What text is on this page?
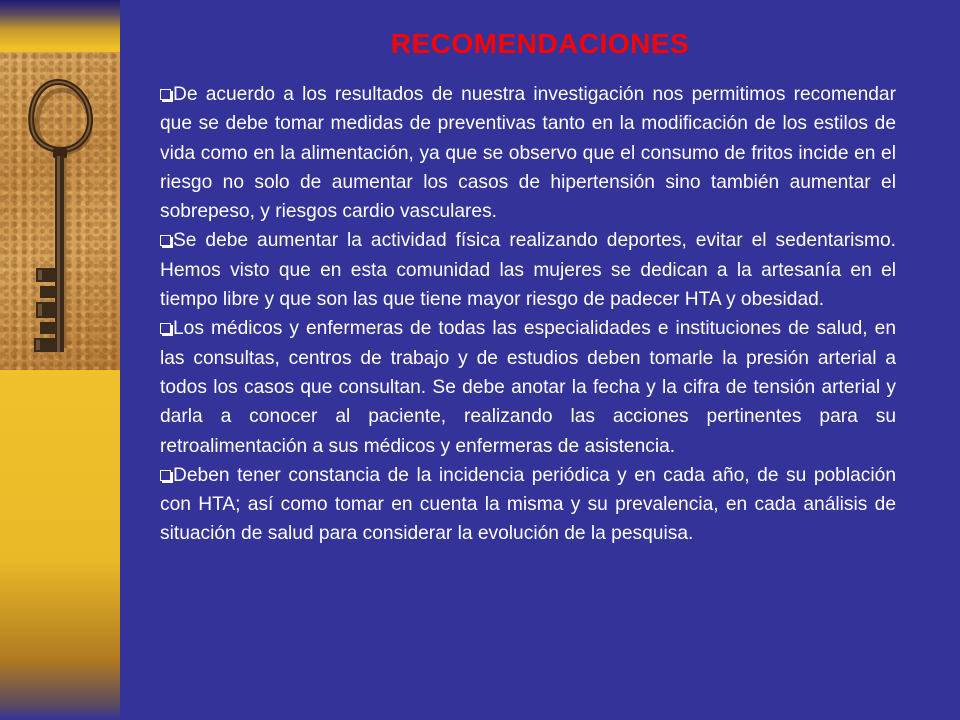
RECOMENDACIONES

De acuerdo a los resultados de nuestra investigación nos permitimos recomendar que se debe tomar medidas de preventivas tanto en la modificación de los estilos de vida como en la alimentación, ya que se observo que el consumo de fritos incide en el riesgo no solo de aumentar los casos de hipertensión sino también aumentar el sobrepeso, y riesgos cardio vasculares.

Se debe aumentar la actividad física realizando deportes, evitar el sedentarismo. Hemos visto que en esta comunidad las mujeres se dedican a la artesanía en el tiempo libre y que son las que tiene mayor riesgo de padecer HTA y obesidad.

Los médicos y enfermeras de todas las especialidades e instituciones de salud, en las consultas, centros de trabajo y de estudios deben tomarle la presión arterial a todos los casos que consultan. Se debe anotar la fecha y la cifra de tensión arterial y darla a conocer al paciente, realizando las acciones pertinentes para su retroalimentación a sus médicos y enfermeras de asistencia.

Deben tener constancia de la incidencia periódica y en cada año, de su población con HTA; así como tomar en cuenta la misma y su prevalencia, en cada análisis de situación de salud para considerar la evolución de la pesquisa.
